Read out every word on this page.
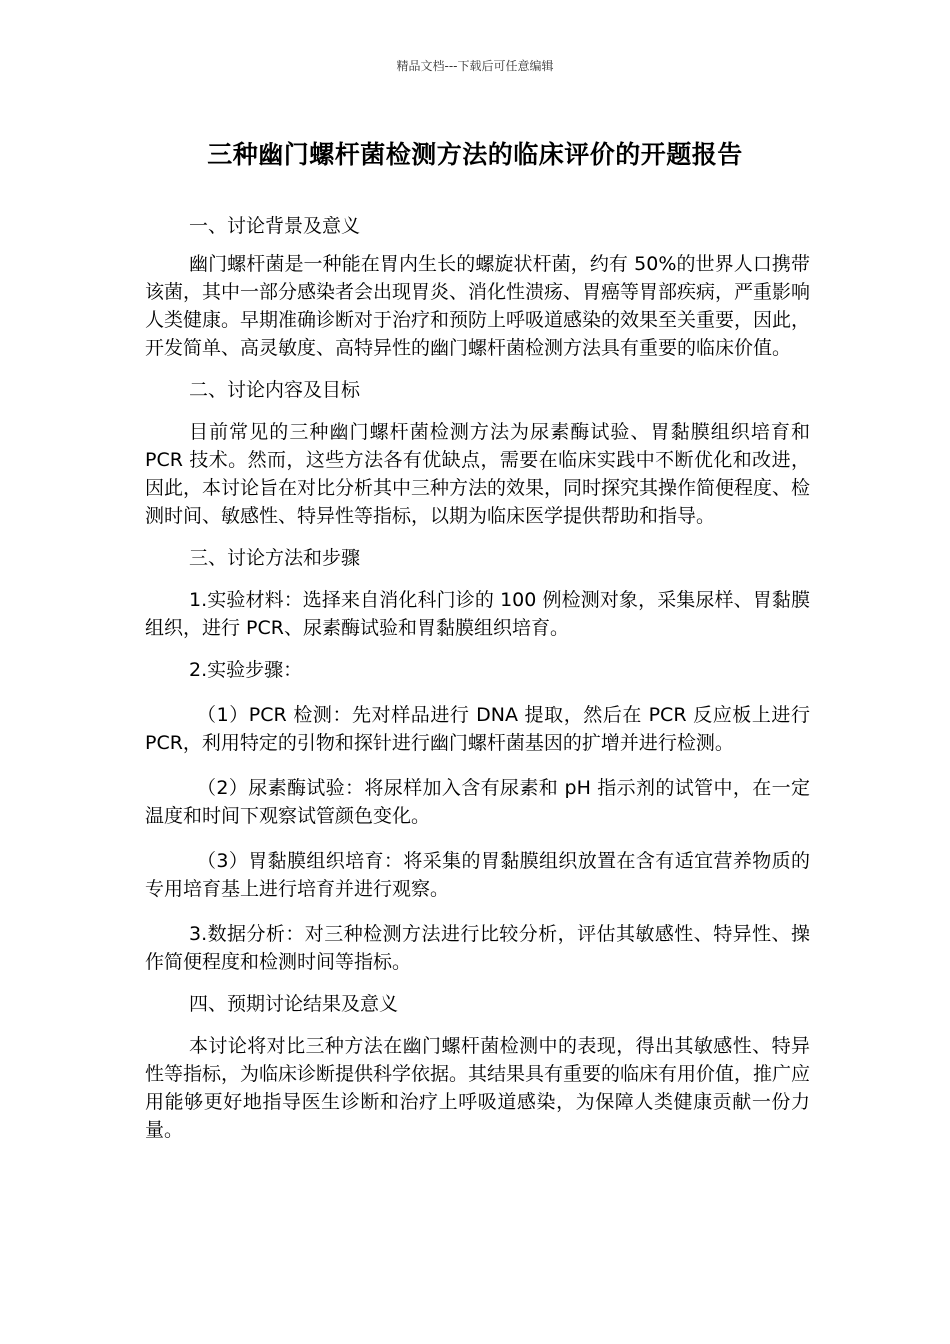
精品文档---下载后可任意编辑
三种幽门螺杆菌检测方法的临床评价的开题报告

一、讨论背景及意义

幽门螺杆菌是一种能在胃内生长的螺旋状杆菌，约有 50%的世界人口携带该菌，其中一部分感染者会出现胃炎、消化性溃疡、胃癌等胃部疾病，严重影响人类健康。早期准确诊断对于治疗和预防上呼吸道感染的效果至关重要，因此，开发简单、高灵敏度、高特异性的幽门螺杆菌检测方法具有重要的临床价值。

二、讨论内容及目标

目前常见的三种幽门螺杆菌检测方法为尿素酶试验、胃黏膜组织培育和 PCR 技术。然而，这些方法各有优缺点，需要在临床实践中不断优化和改进，因此，本讨论旨在对比分析其中三种方法的效果，同时探究其操作简便程度、检测时间、敏感性、特异性等指标，以期为临床医学提供帮助和指导。

三、讨论方法和步骤

1.实验材料：选择来自消化科门诊的 100 例检测对象，采集尿样、胃黏膜组织，进行 PCR、尿素酶试验和胃黏膜组织培育。

2.实验步骤：

（1）PCR 检测：先对样品进行 DNA 提取，然后在 PCR 反应板上进行 PCR，利用特定的引物和探针进行幽门螺杆菌基因的扩增并进行检测。

（2）尿素酶试验：将尿样加入含有尿素和 pH 指示剂的试管中，在一定温度和时间下观察试管颜色变化。

（3）胃黏膜组织培育：将采集的胃黏膜组织放置在含有适宜营养物质的专用培育基上进行培育并进行观察。

3.数据分析：对三种检测方法进行比较分析，评估其敏感性、特异性、操作简便程度和检测时间等指标。

四、预期讨论结果及意义

本讨论将对比三种方法在幽门螺杆菌检测中的表现，得出其敏感性、特异性等指标，为临床诊断提供科学依据。其结果具有重要的临床有用价值，推广应用能够更好地指导医生诊断和治疗上呼吸道感染，为保障人类健康贡献一份力量。
